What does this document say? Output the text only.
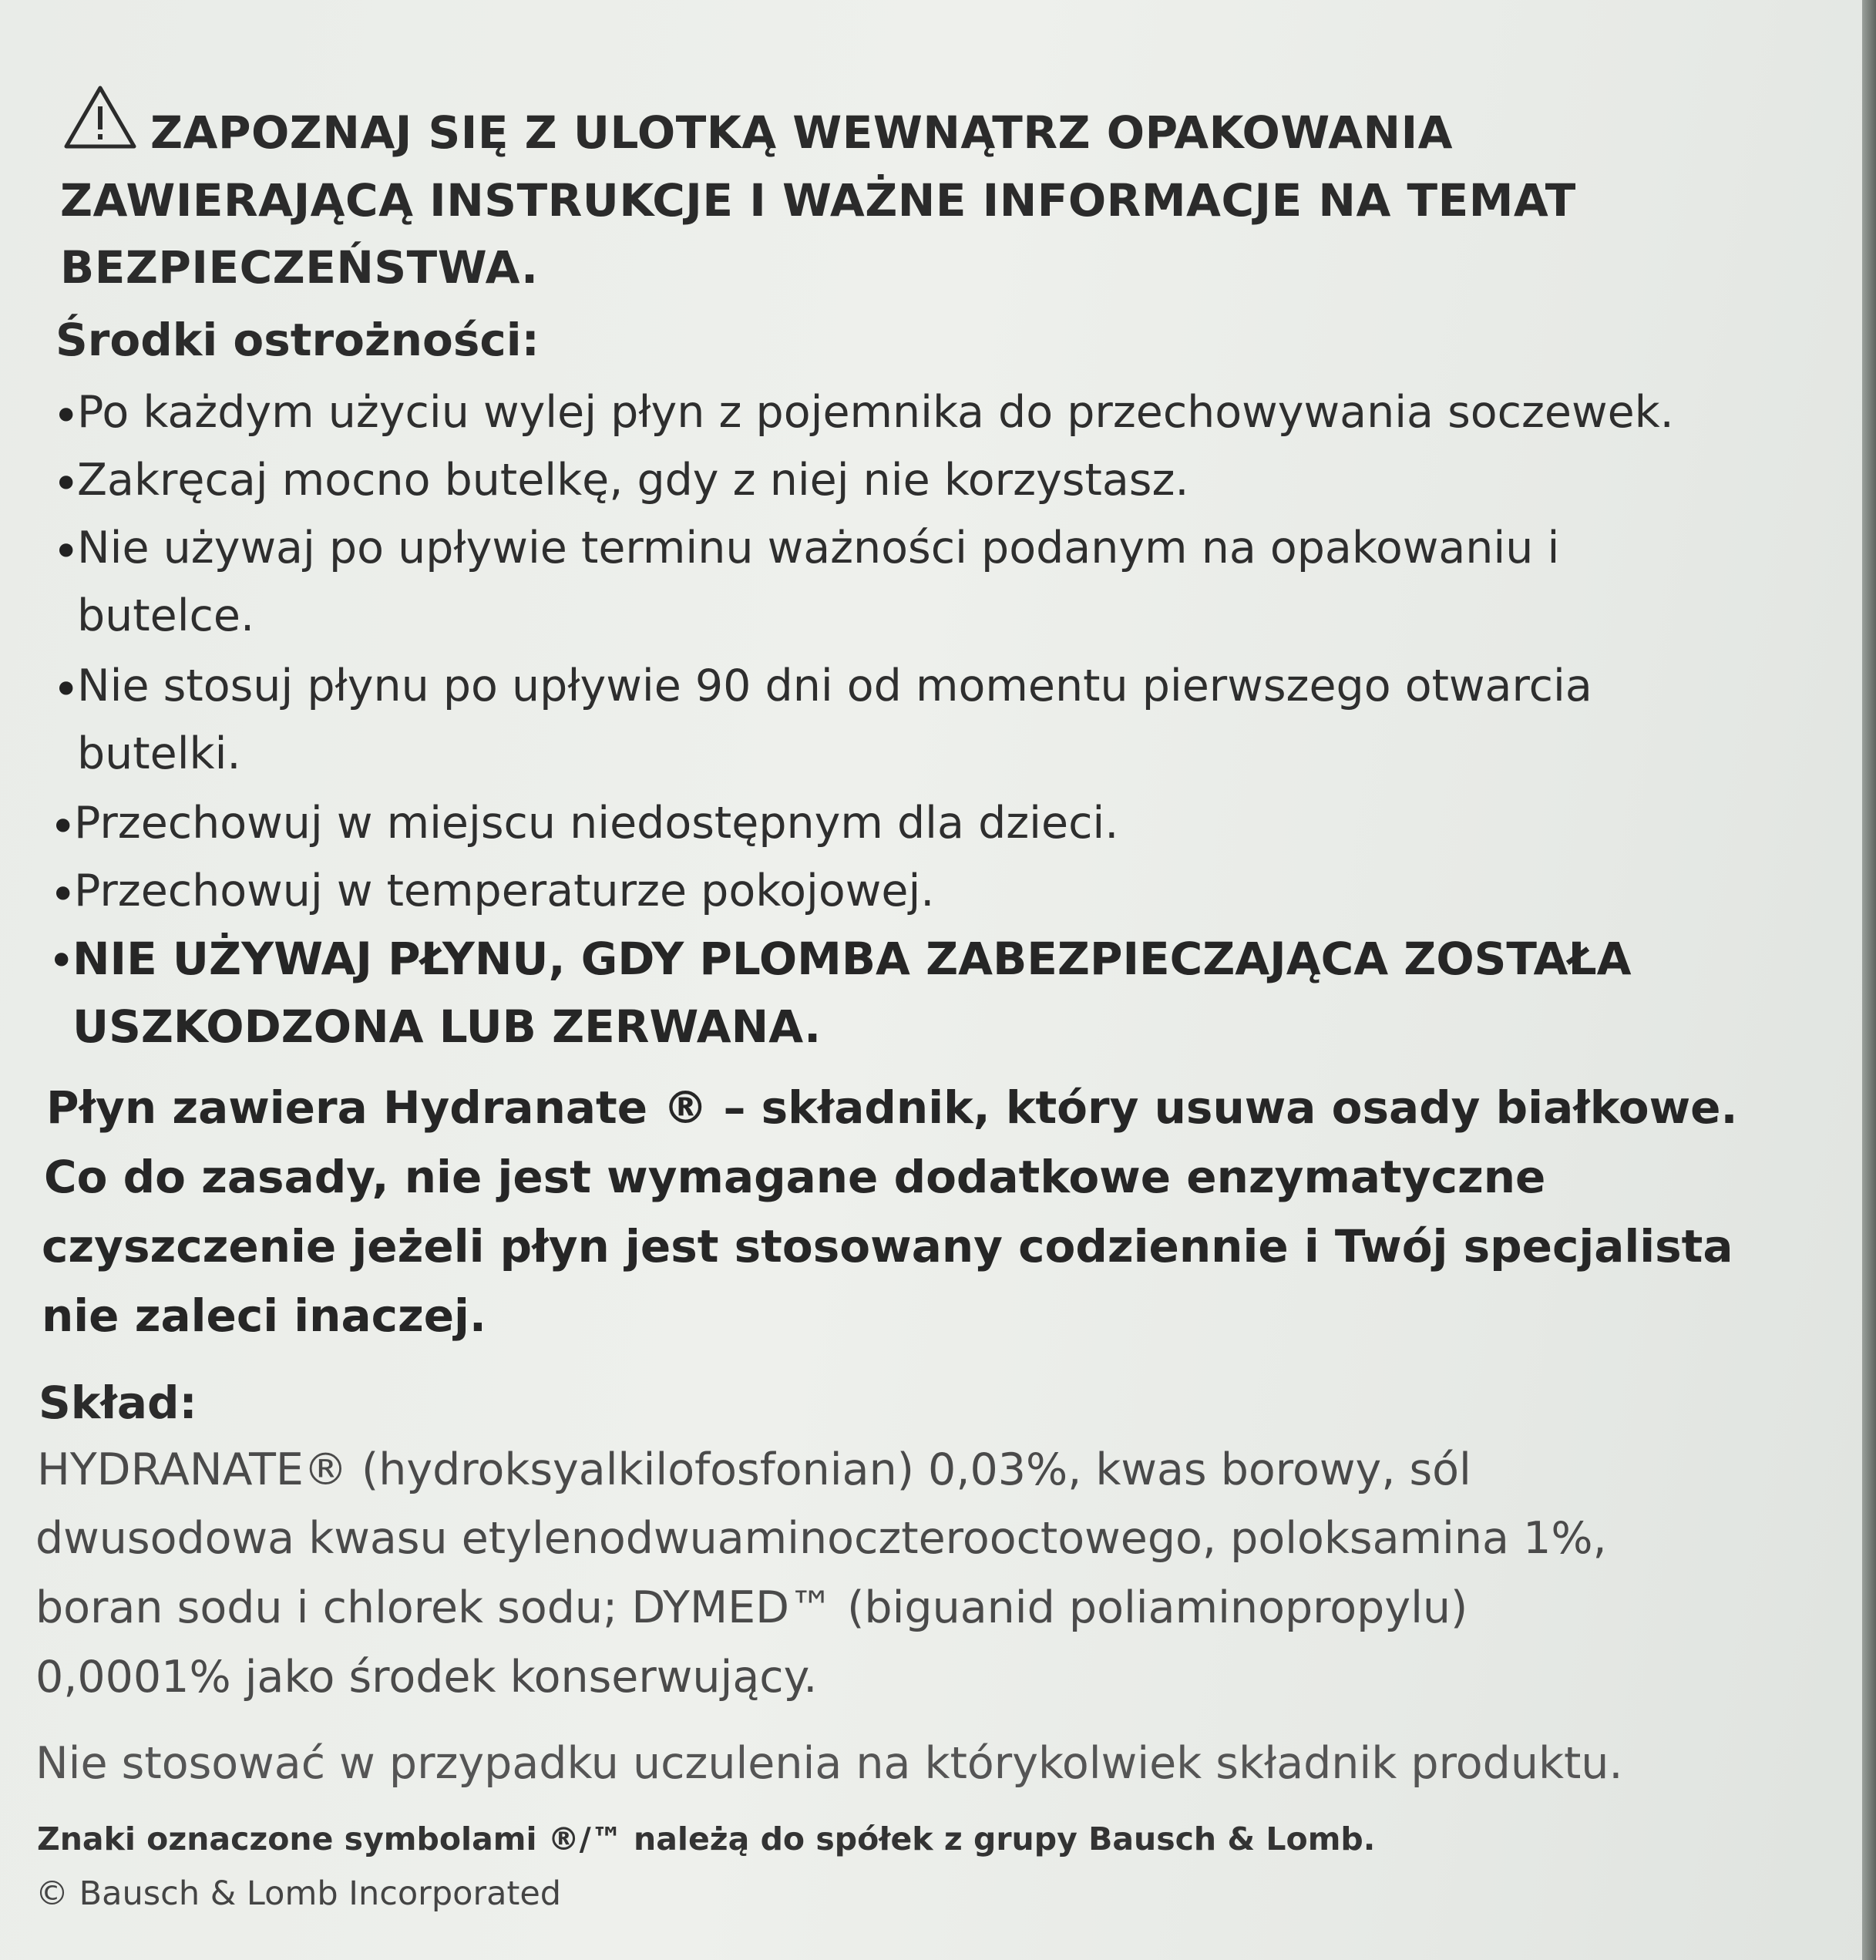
ZAPOZNAJ SIĘ Z ULOTKĄ WEWNĄTRZ OPAKOWANIA
ZAWIERAJĄCĄ INSTRUKCJE I WAŻNE INFORMACJE NA TEMAT
BEZPIECZEŃSTWA.
Środki ostrożności:
•
Po każdym użyciu wylej płyn z pojemnika do przechowywania soczewek.
•
Zakręcaj mocno butelkę, gdy z niej nie korzystasz.
•
Nie używaj po upływie terminu ważności podanym na opakowaniu i
butelce.
•
Nie stosuj płynu po upływie 90 dni od momentu pierwszego otwarcia
butelki.
•
Przechowuj w miejscu niedostępnym dla dzieci.
•
Przechowuj w temperaturze pokojowej.
•
NIE UŻYWAJ PŁYNU, GDY PLOMBA ZABEZPIECZAJĄCA ZOSTAŁA
USZKODZONA LUB ZERWANA.
Płyn zawiera Hydranate ® – składnik, który usuwa osady białkowe.
Co do zasady, nie jest wymagane dodatkowe enzymatyczne
czyszczenie jeżeli płyn jest stosowany codziennie i Twój specjalista
nie zaleci inaczej.
Skład:
HYDRANATE® (hydroksyalkilofosfonian) 0,03%, kwas borowy, sól
dwusodowa kwasu etylenodwuaminoczterooctowego, poloksamina 1%,
boran sodu i chlorek sodu; DYMED™ (biguanid poliaminopropylu)
0,0001% jako środek konserwujący.
Nie stosować w przypadku uczulenia na którykolwiek składnik produktu.
Znaki oznaczone symbolami ®/™ należą do spółek z grupy Bausch & Lomb.
© Bausch & Lomb Incorporated
